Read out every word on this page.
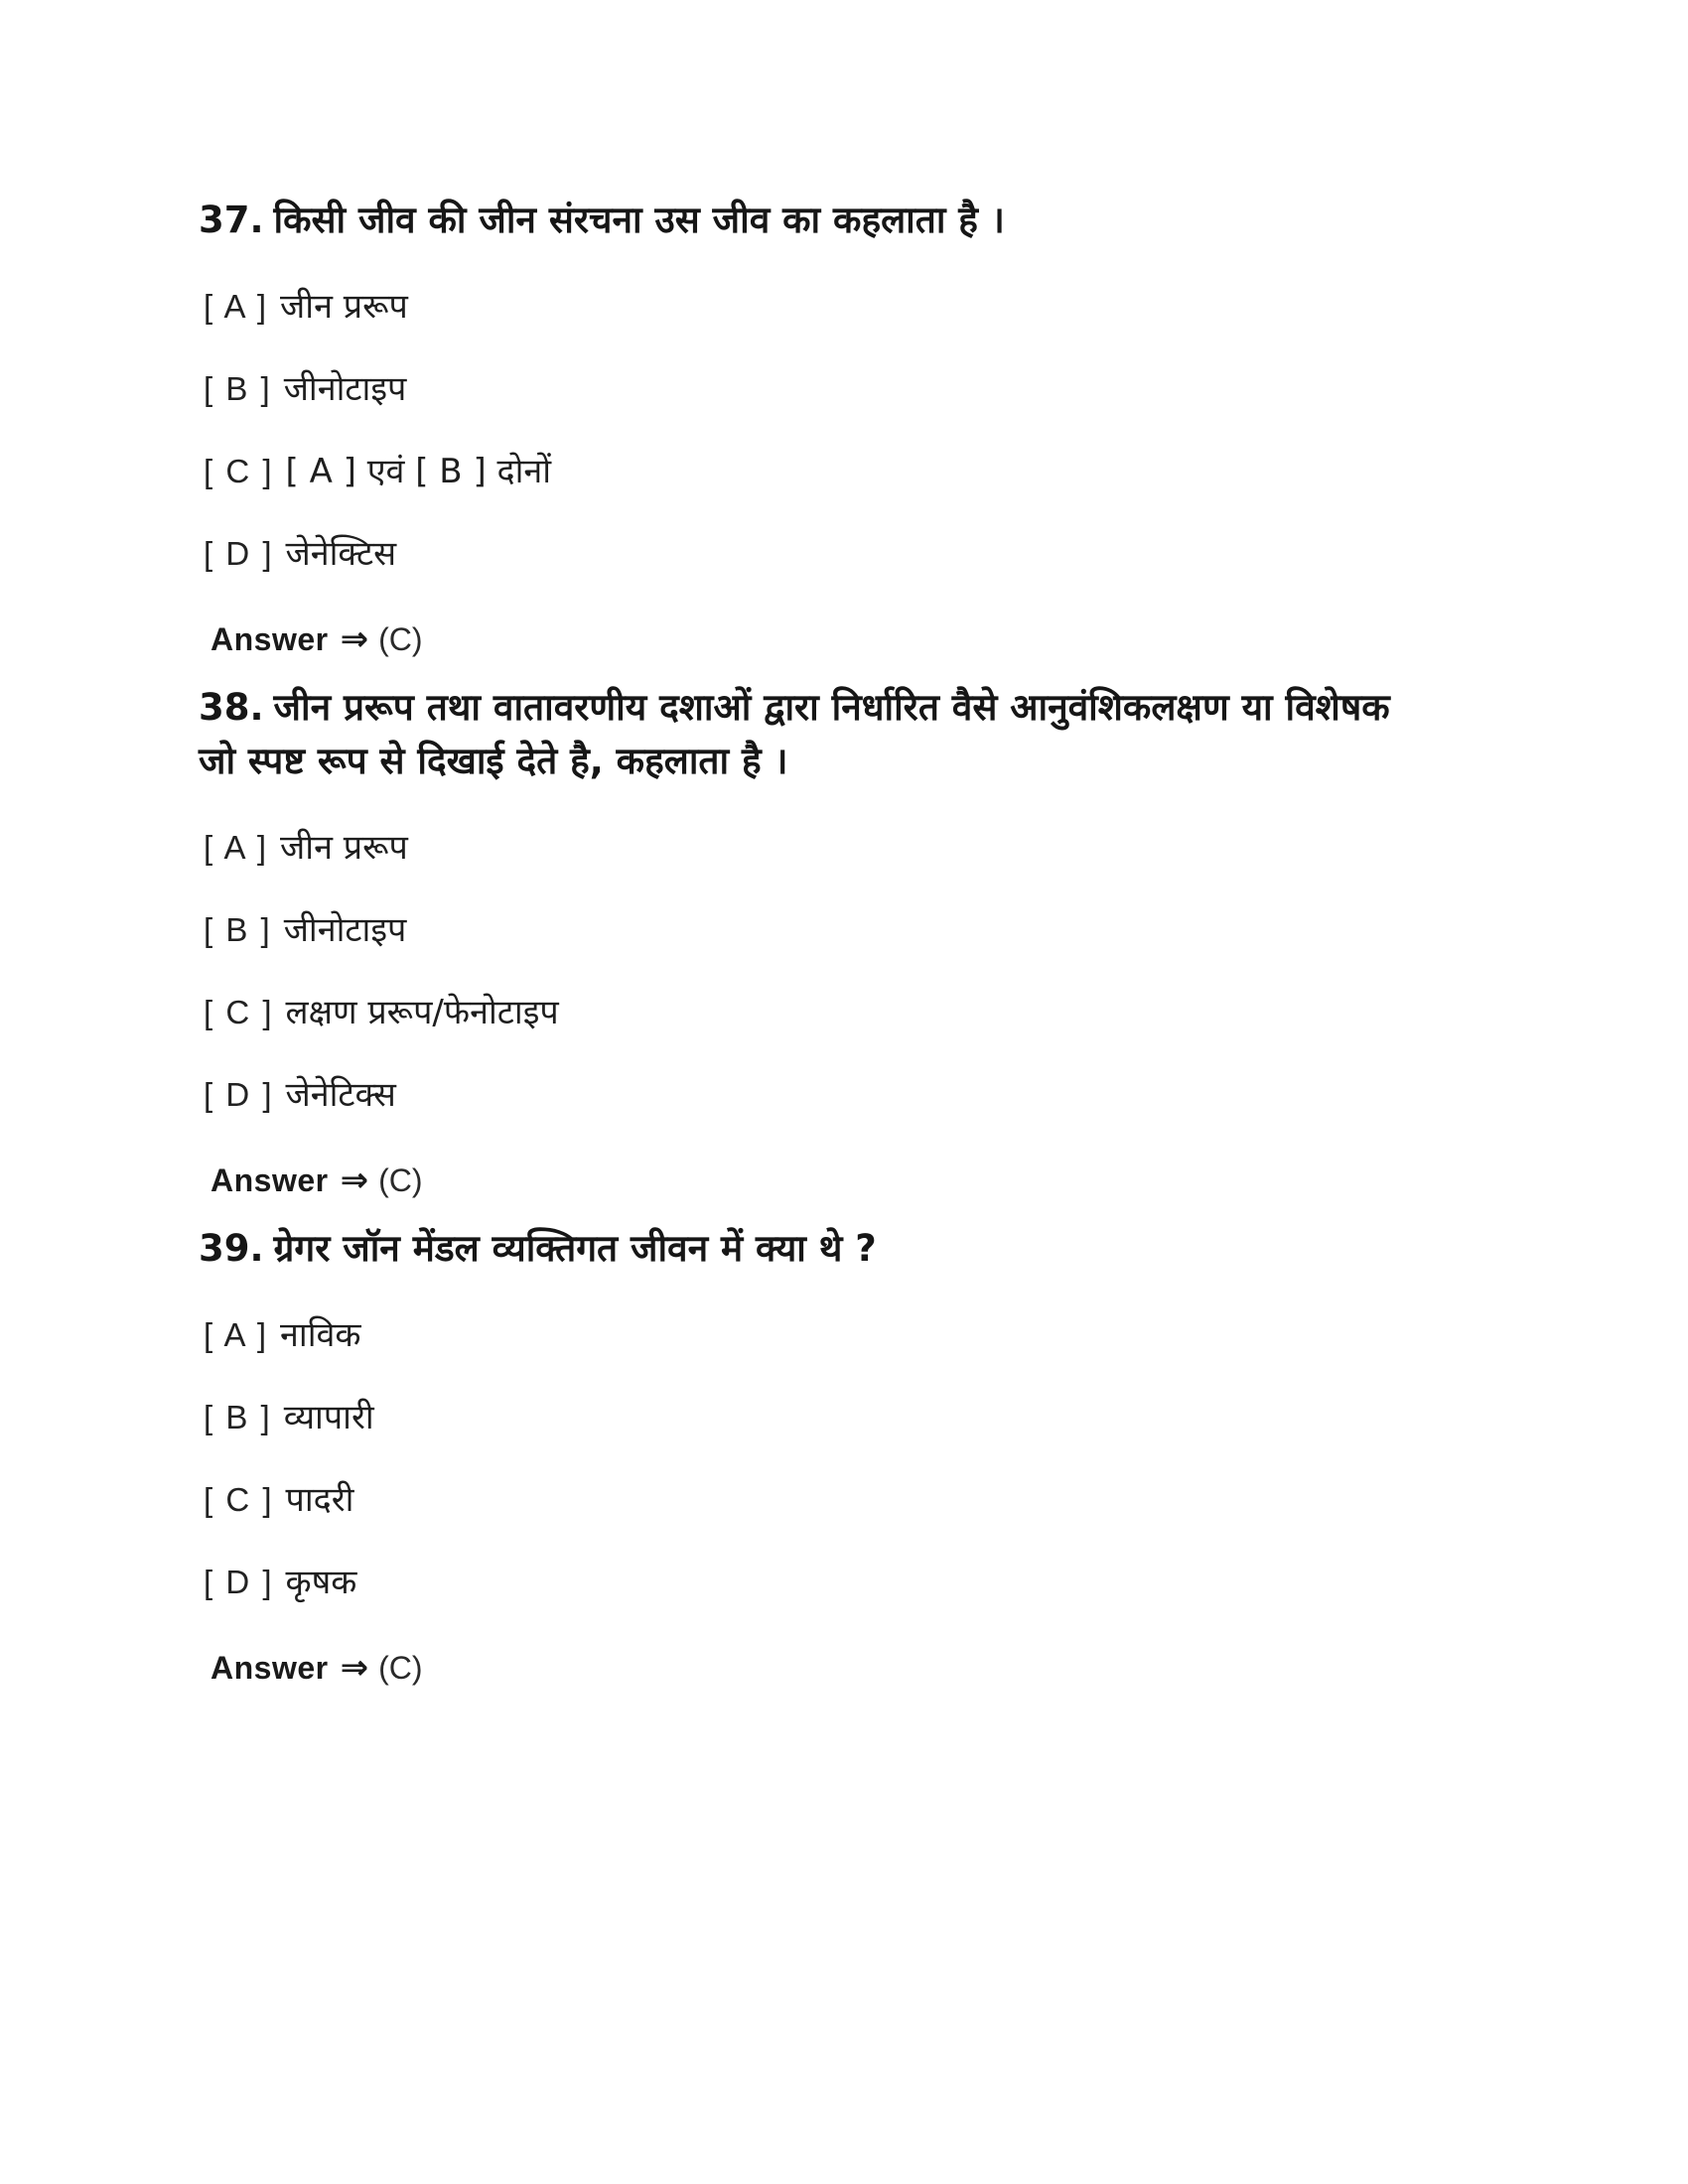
37. किसी जीव की जीन संरचना उस जीव का कहलाता है ।

[ A ] जीन प्ररूप

[ B ] जीनोटाइप

[ C ] [ A ] एवं [ B ] दोनों

[ D ] जेनेक्टिस

Answer ⇒ (C)

38. जीन प्ररूप तथा वातावरणीय दशाओं द्वारा निर्धारित वैसे आनुवंशिकलक्षण या विशेषक जो स्पष्ट रूप से दिखाई देते है, कहलाता है ।

[ A ] जीन प्ररूप

[ B ] जीनोटाइप

[ C ] लक्षण प्ररूप/फेनोटाइप

[ D ] जेनेटिक्स

Answer ⇒ (C)

39. ग्रेगर जॉन मेंडल व्यक्तिगत जीवन में क्या थे ?

[ A ] नाविक

[ B ] व्यापारी

[ C ] पादरी

[ D ] कृषक

Answer ⇒ (C)
